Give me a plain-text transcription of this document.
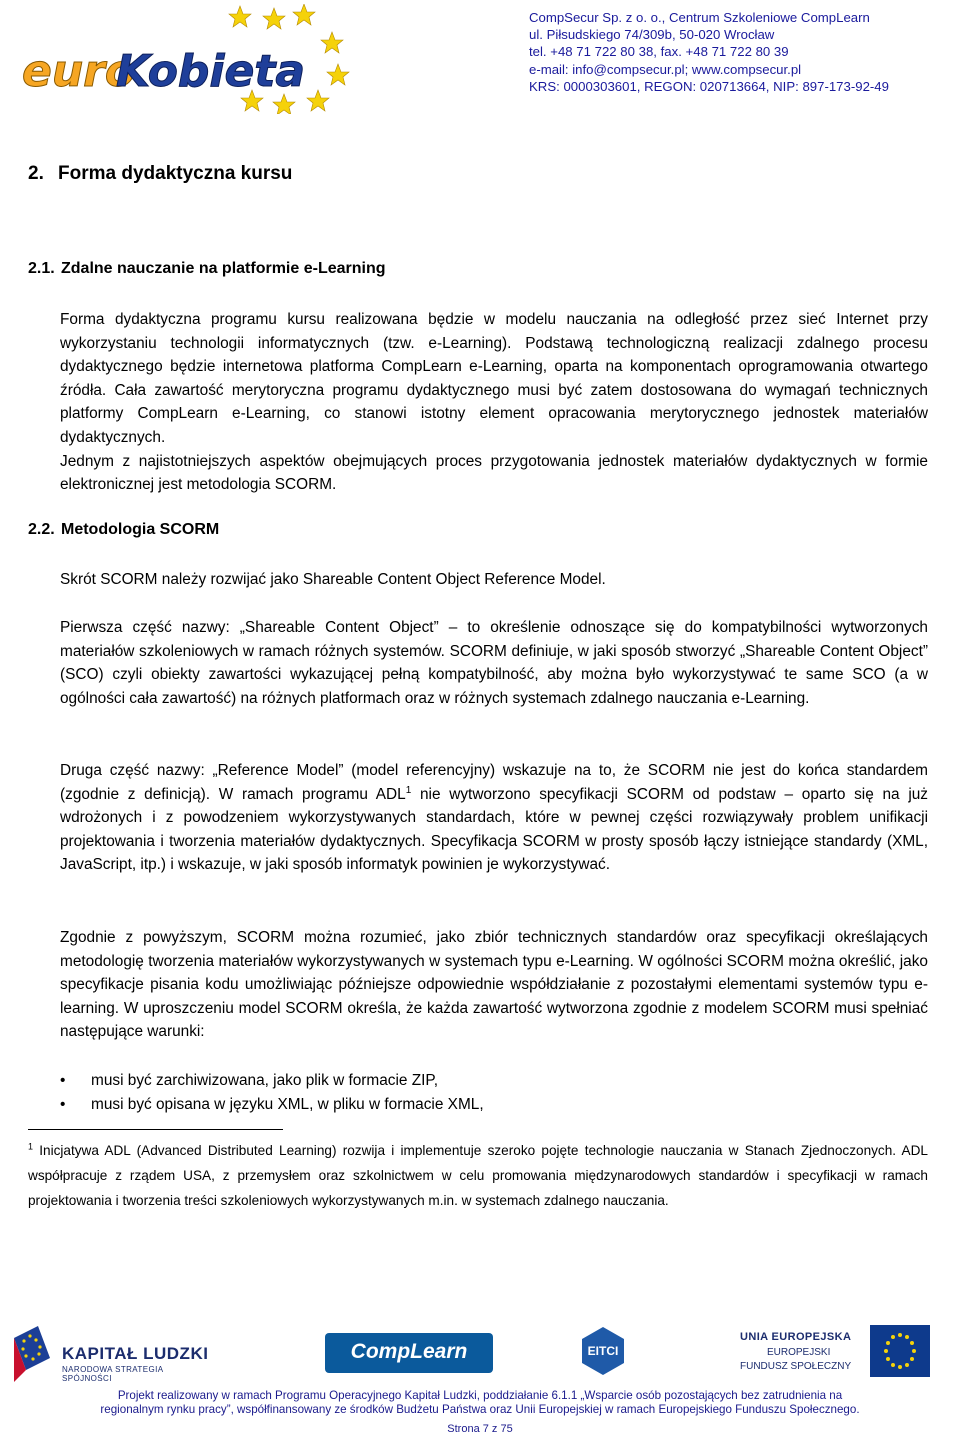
euro
Kobieta
CompSecur Sp. z o. o., Centrum Szkoleniowe CompLearn
ul. Piłsudskiego 74/309b, 50-020 Wrocław
tel. +48 71 722 80 38, fax. +48 71 722 80 39
e-mail: info@compsecur.pl; www.compsecur.pl
KRS: 0000303601, REGON: 020713664, NIP: 897-173-92-49
2. Forma dydaktyczna kursu
2.1. Zdalne nauczanie na platformie e-Learning
Forma dydaktyczna programu kursu realizowana będzie w modelu nauczania na odległość przez sieć Internet przy wykorzystaniu technologii informatycznych (tzw. e-Learning). Podstawą technologiczną realizacji zdalnego procesu dydaktycznego będzie internetowa platforma CompLearn e-Learning, oparta na komponentach oprogramowania otwartego źródła. Cała zawartość merytoryczna programu dydaktycznego musi być zatem dostosowana do wymagań technicznych platformy CompLearn e-Learning, co stanowi istotny element opracowania merytorycznego jednostek materiałów dydaktycznych.
Jednym z najistotniejszych aspektów obejmujących proces przygotowania jednostek materiałów dydaktycznych w formie elektronicznej jest metodologia SCORM.
2.2. Metodologia SCORM
Skrót SCORM należy rozwijać jako Shareable Content Object Reference Model.
Pierwsza część nazwy: „Shareable Content Object” – to określenie odnoszące się do kompatybilności wytworzonych materiałów szkoleniowych w ramach różnych systemów. SCORM definiuje, w jaki sposób stworzyć „Shareable Content Object” (SCO) czyli obiekty zawartości wykazującej pełną kompatybilność, aby można było wykorzystywać te same SCO (a w ogólności cała zawartość) na różnych platformach oraz w różnych systemach zdalnego nauczania e-Learning.
Druga część nazwy: „Reference Model” (model referencyjny) wskazuje na to, że SCORM nie jest do końca standardem (zgodnie z definicją). W ramach programu ADL$^1$ nie wytworzono specyfikacji SCORM od podstaw – oparto się na już wdrożonych i z powodzeniem wykorzystywanych standardach, które w pewnej części rozwiązywały problem unifikacji projektowania i tworzenia materiałów dydaktycznych. Specyfikacja SCORM w prosty sposób łączy istniejące standardy (XML, JavaScript, itp.) i wskazuje, w jaki sposób informatyk powinien je wykorzystywać.
Zgodnie z powyższym, SCORM można rozumieć, jako zbiór technicznych standardów oraz specyfikacji określających metodologię tworzenia materiałów wykorzystywanych w systemach typu e-Learning. W ogólności SCORM można określić, jako specyfikacje pisania kodu umożliwiając późniejsze odpowiednie współdziałanie z pozostałymi elementami systemów typu e-learning. W uproszczeniu model SCORM określa, że każda zawartość wytworzona zgodnie z modelem SCORM musi spełniać następujące warunki:
• musi być zarchiwizowana, jako plik w formacie ZIP,
• musi być opisana w języku XML, w pliku w formacie XML,
$^1$ Inicjatywa ADL (Advanced Distributed Learning) rozwija i implementuje szeroko pojęte technologie nauczania w Stanach Zjednoczonych. ADL współpracuje z rządem USA, z przemysłem oraz szkolnictwem w celu promowania międzynarodowych standardów i specyfikacji w ramach projektowania i tworzenia treści szkoleniowych wykorzystywanych m.in. w systemach zdalnego nauczania.
KAPITAŁ LUDZKI
NARODOWA STRATEGIA SPÓJNOŚCI
CompLearn	EITCI
UNIA EUROPEJSKA
EUROPEJSKI
FUNDUSZ SPOŁECZNY
Projekt realizowany w ramach Programu Operacyjnego Kapitał Ludzki, poddziałanie 6.1.1 „Wsparcie osób pozostających bez zatrudnienia na
regionalnym rynku pracy”, współfinansowany ze środków Budżetu Państwa oraz Unii Europejskiej w ramach Europejskiego Funduszu Społecznego.
Strona 7 z 75
